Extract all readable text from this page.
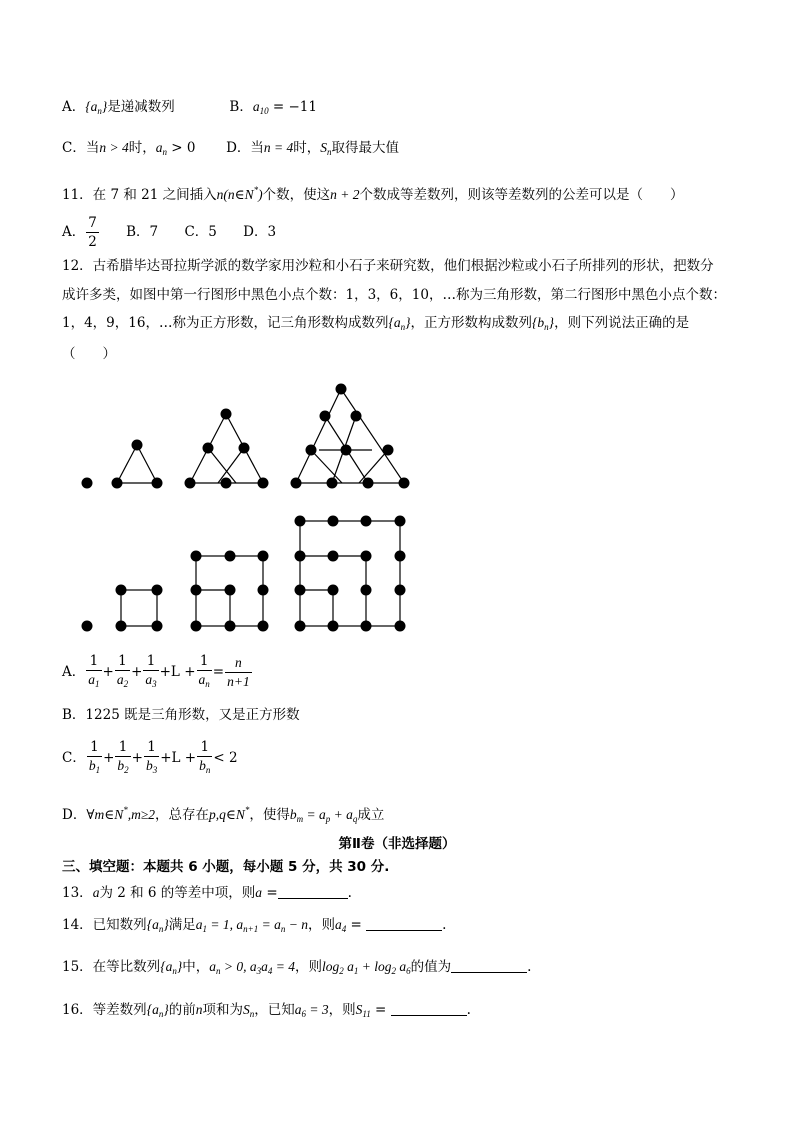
A．$\{a_n\}$是递减数列	B．$a_{10} = -11$
C．当n > 4时，$a_n > 0$ D．当n = 4时，$S_n$取得最大值
11．在 7 和 21 之间插入n(n∈N*)个数，使这n + 2个数成等差数列，则该等差数列的公差可以是（　　）
A． $\frac{7}{2}$ B．7 C．5 D．3
12．古希腊毕达哥拉斯学派的数学家用沙粒和小石子来研究数，他们根据沙粒或小石子所排列的形状，把数分
成许多类，如图中第一行图形中黑色小点个数：1，3，6，10，…称为三角形数，第二行图形中黑色小点个数：
1，4，9，16，…称为正方形数，记三角形数构成数列$\{a_n\}$，正方形数构成数列$\{b_n\}$，则下列说法正确的是
（　　）
A． $\frac{1}{a_1} + \frac{1}{a_2} + \frac{1}{a_3} +L + \frac{1}{a_n} = \frac{n}{n+1}$
B．1225 既是三角形数，又是正方形数
C． $\frac{1}{b_1} + \frac{1}{b_2} + \frac{1}{b_3} +L + \frac{1}{b_n} < 2$
D．∀m∈N*,m≥2，总存在p,q∈N*，使得$b_m = a_p + a_q$成立
第Ⅱ卷（非选择题）
三、填空题：本题共 6 小题，每小题 5 分，共 30 分.
13．a为 2 和 6 的等差中项，则a =	.
14．已知数列$\{a_n\}$满足$a_1 = 1$, $a_{n+1} = a_n - n$，则$a_4$ =	.
15．在等比数列$\{a_n\}$中，$a_n > 0$, $a_3a_4 = 4$，则$\log_2 a_1 + \log_2 a_6$的值为	.
16．等差数列$\{a_n\}$的前n项和为$S_n$，已知$a_6 = 3$，则$S_{11}$ =	.
